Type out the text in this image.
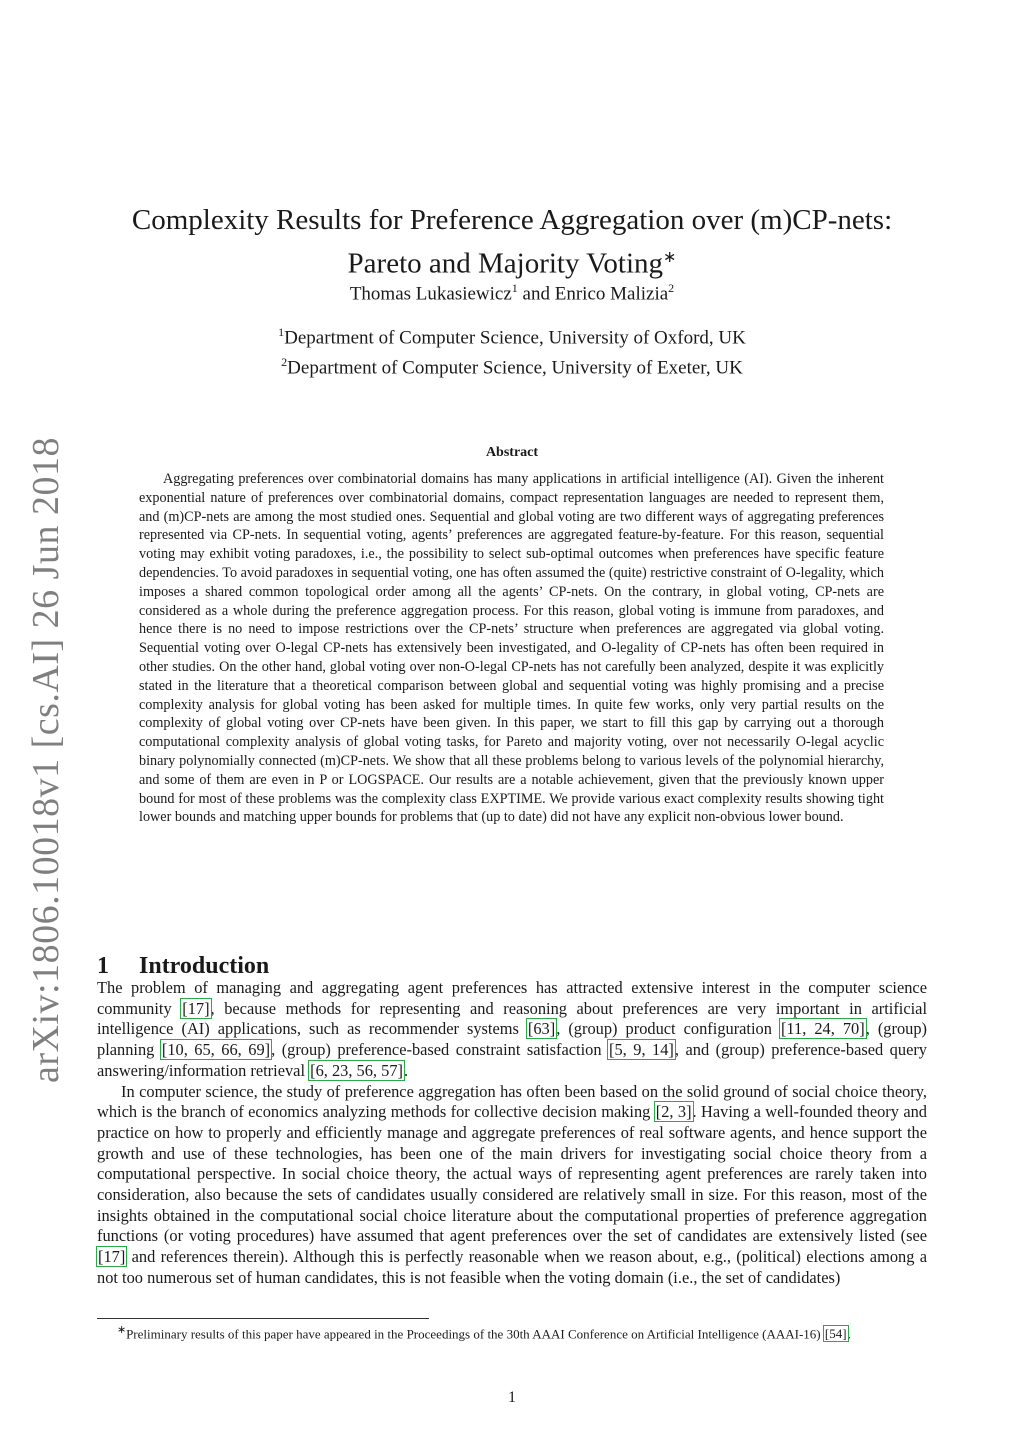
arXiv:1806.10018v1 [cs.AI] 26 Jun 2018
Complexity Results for Preference Aggregation over (m)CP-nets:
Pareto and Majority Voting∗
Thomas Lukasiewicz$^1$ and Enrico Malizia$^2$
$^1$Department of Computer Science, University of Oxford, UK
$^2$Department of Computer Science, University of Exeter, UK
Abstract
Aggregating preferences over combinatorial domains has many applications in artificial intelligence (AI). Given the inherent exponential nature of preferences over combinatorial domains, compact representation languages are needed to represent them, and (m)CP-nets are among the most studied ones. Sequential and global voting are two different ways of aggregating preferences represented via CP-nets. In sequential voting, agents’ preferences are aggregated feature-by-feature. For this reason, sequential voting may exhibit voting paradoxes, i.e., the possibility to select sub-optimal outcomes when preferences have specific feature dependencies. To avoid paradoxes in sequential voting, one has often assumed the (quite) restrictive constraint of O-legality, which imposes a shared common topological order among all the agents’ CP-nets. On the contrary, in global voting, CP-nets are considered as a whole during the preference aggregation process. For this reason, global voting is immune from paradoxes, and hence there is no need to impose restrictions over the CP-nets’ structure when preferences are aggregated via global voting. Sequential voting over O-legal CP-nets has extensively been investigated, and O-legality of CP-nets has often been required in other studies. On the other hand, global voting over non-O-legal CP-nets has not carefully been analyzed, despite it was explicitly stated in the literature that a theoretical comparison between global and sequential voting was highly promising and a precise complexity analysis for global voting has been asked for multiple times. In quite few works, only very partial results on the complexity of global voting over CP-nets have been given. In this paper, we start to fill this gap by carrying out a thorough computational complexity analysis of global voting tasks, for Pareto and majority voting, over not necessarily O-legal acyclic binary polynomially connected (m)CP-nets. We show that all these problems belong to various levels of the polynomial hierarchy, and some of them are even in P or LOGSPACE. Our results are a notable achievement, given that the previously known upper bound for most of these problems was the complexity class EXPTIME. We provide various exact complexity results showing tight lower bounds and matching upper bounds for problems that (up to date) did not have any explicit non-obvious lower bound.
1 Introduction

The problem of managing and aggregating agent preferences has attracted extensive interest in the computer science community [17], because methods for representing and reasoning about preferences are very important in artificial intelligence (AI) applications, such as recommender systems [63], (group) product configuration [11, 24, 70], (group) planning [10, 65, 66, 69], (group) preference-based constraint satisfaction [5, 9, 14], and (group) preference-based query answering/information retrieval [6, 23, 56, 57].

In computer science, the study of preference aggregation has often been based on the solid ground of social choice theory, which is the branch of economics analyzing methods for collective decision making [2, 3]. Having a well-founded theory and practice on how to properly and efficiently manage and aggregate preferences of real software agents, and hence support the growth and use of these technologies, has been one of the main drivers for investigating social choice theory from a computational perspective. In social choice theory, the actual ways of representing agent preferences are rarely taken into consideration, also because the sets of candidates usually considered are relatively small in size. For this reason, most of the insights obtained in the computational social choice literature about the computational properties of preference aggregation functions (or voting procedures) have assumed that agent preferences over the set of candidates are extensively listed (see [17] and references therein). Although this is perfectly reasonable when we reason about, e.g., (political) elections among a not too numerous set of human candidates, this is not feasible when the voting domain (i.e., the set of candidates)

∗Preliminary results of this paper have appeared in the Proceedings of the 30th AAAI Conference on Artificial Intelligence (AAAI-16) [54].
1
